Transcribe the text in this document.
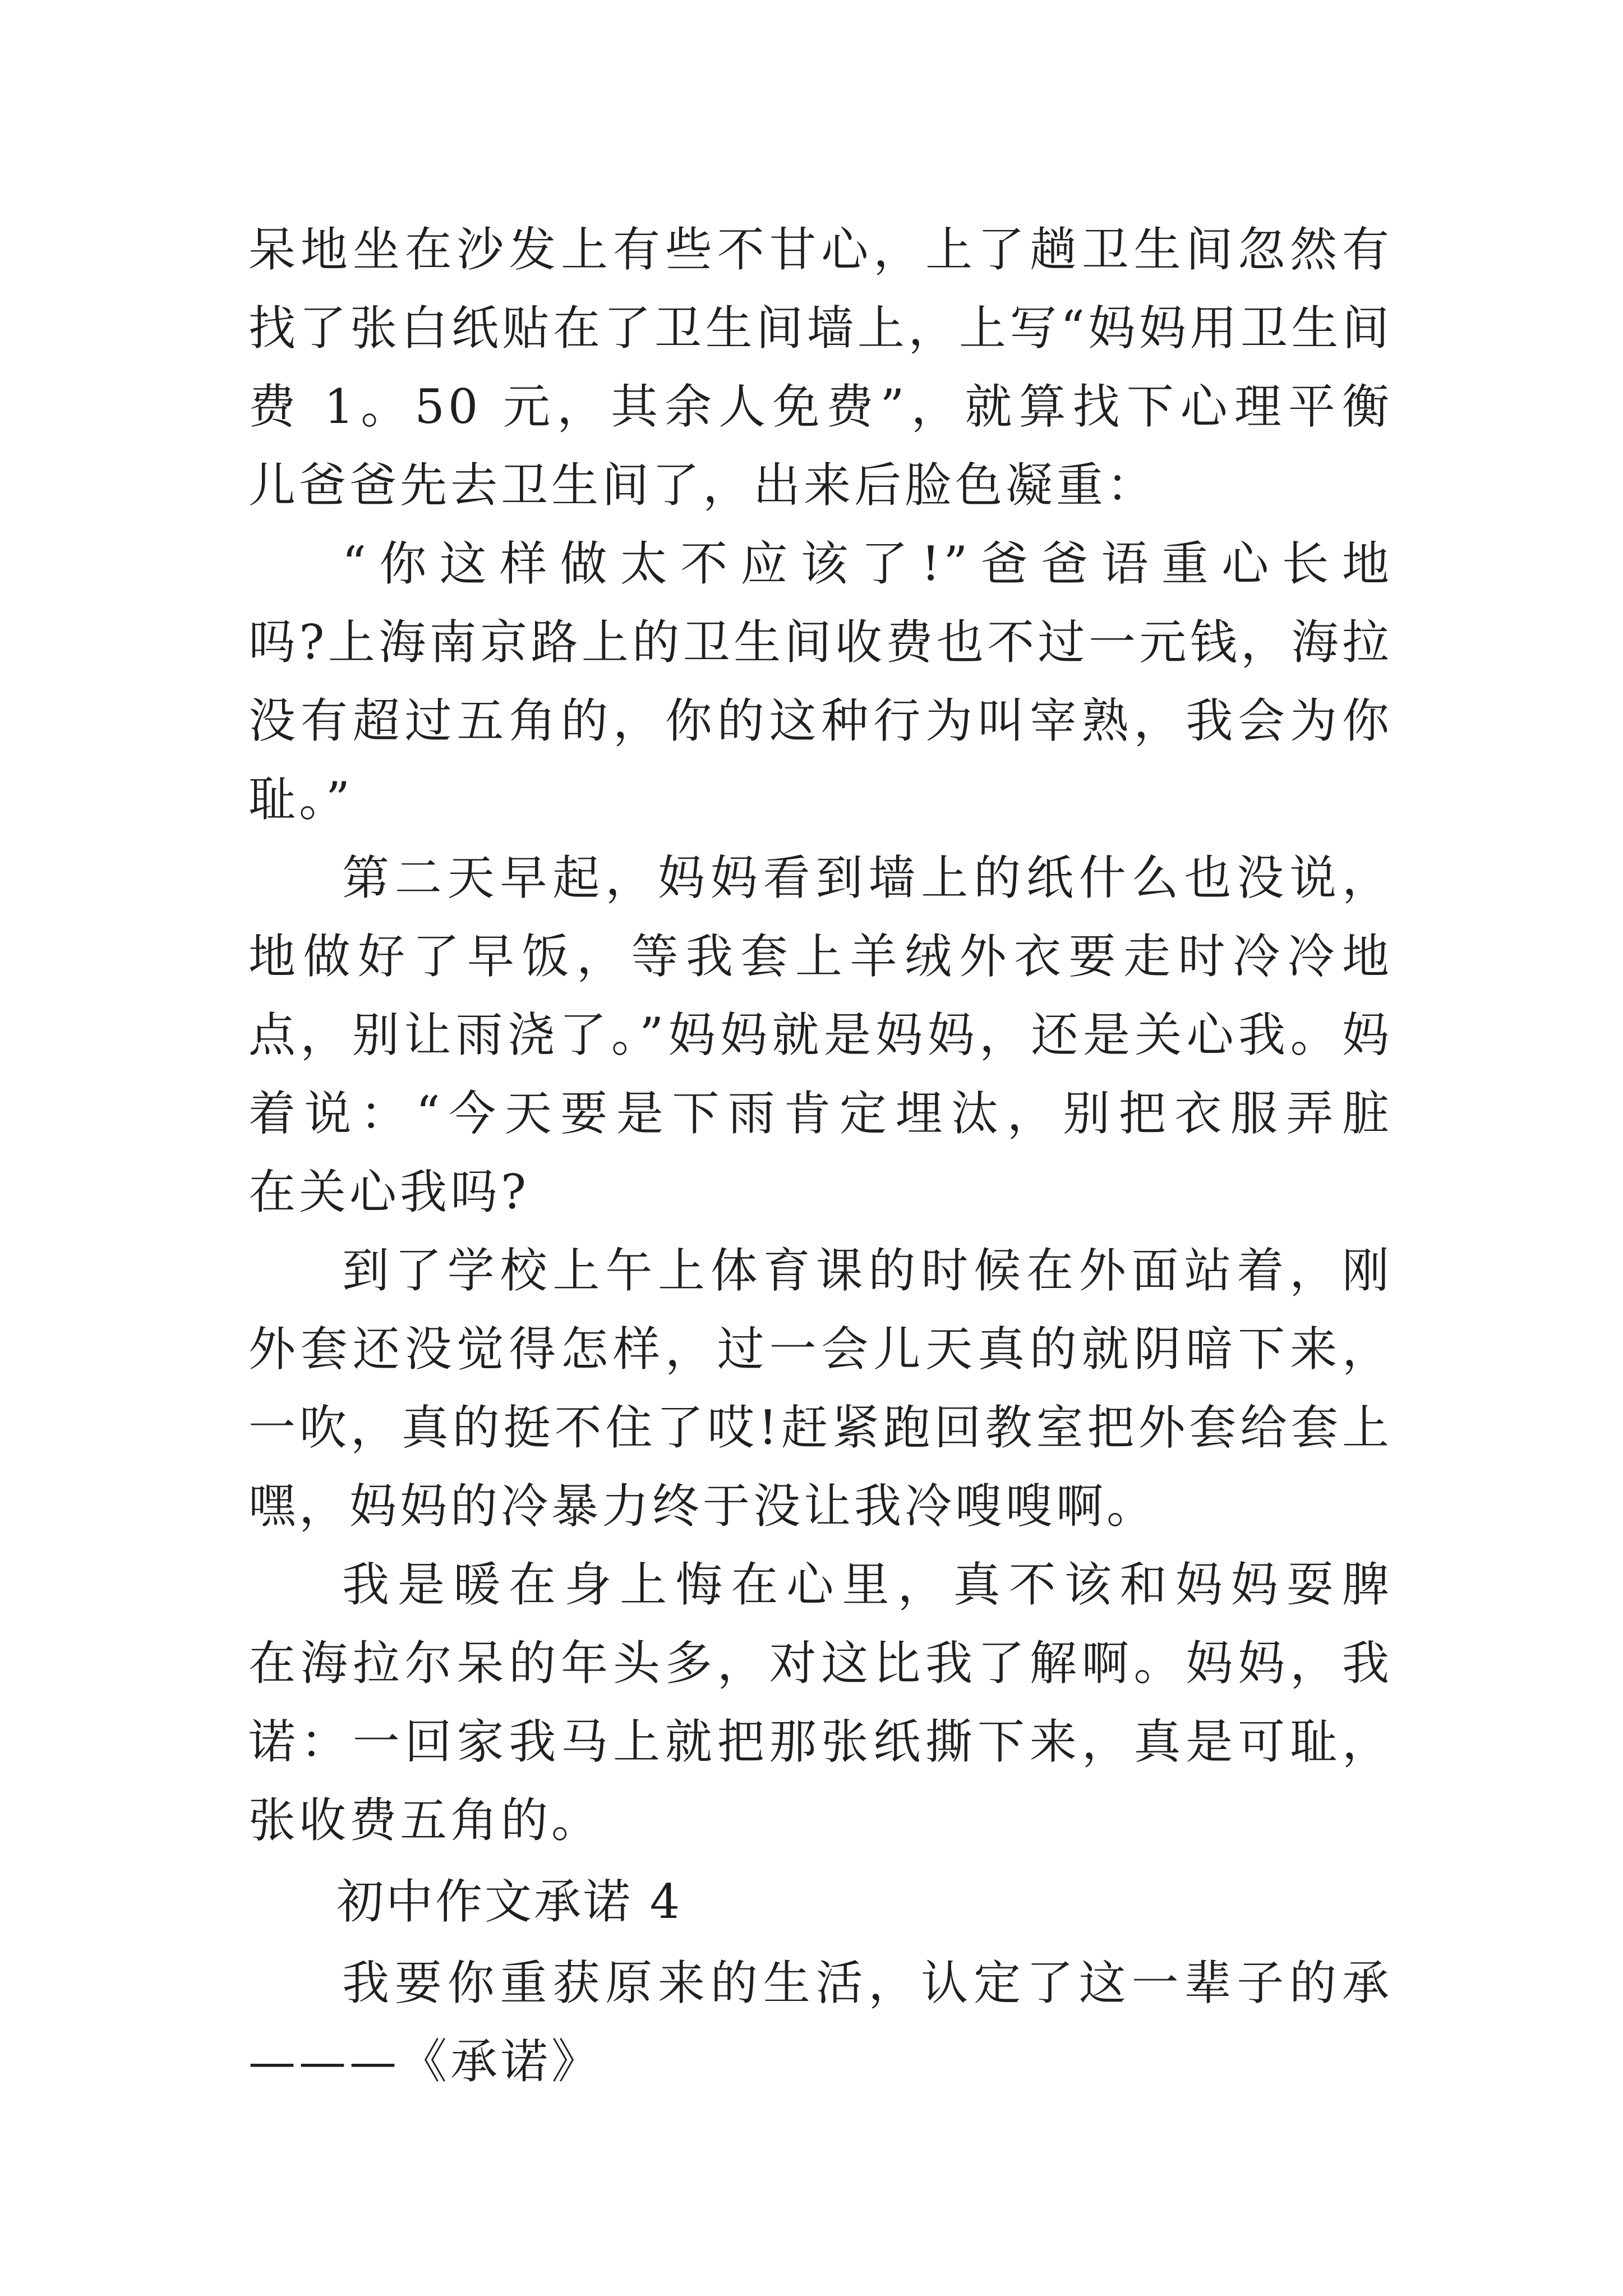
呆地坐在沙发上有些不甘心，上了趟卫生间忽然有

找了张白纸贴在了卫生间墙上，上写“妈妈用卫生间

费 1。50 元，其余人免费”，就算找下心理平衡

儿爸爸先去卫生间了，出来后脸色凝重：

“你这样做太不应该了!”爸爸语重心长地

吗?上海南京路上的卫生间收费也不过一元钱，海拉

没有超过五角的，你的这种行为叫宰熟，我会为你

耻。”

第二天早起，妈妈看到墙上的纸什么也没说，

地做好了早饭，等我套上羊绒外衣要走时冷冷地

点，别让雨浇了。”妈妈就是妈妈，还是关心我。妈

着说：“今天要是下雨肯定埋汰，别把衣服弄脏

在关心我吗?

到了学校上午上体育课的时候在外面站着，刚

外套还没觉得怎样，过一会儿天真的就阴暗下来，

一吹，真的挺不住了哎!赶紧跑回教室把外套给套上

嘿，妈妈的冷暴力终于没让我冷嗖嗖啊。

我是暖在身上悔在心里，真不该和妈妈耍脾

在海拉尔呆的年头多，对这比我了解啊。妈妈，我

诺：一回家我马上就把那张纸撕下来，真是可耻，

张收费五角的。

初中作文承诺 4

我要你重获原来的生活，认定了这一辈子的承

———《承诺》
